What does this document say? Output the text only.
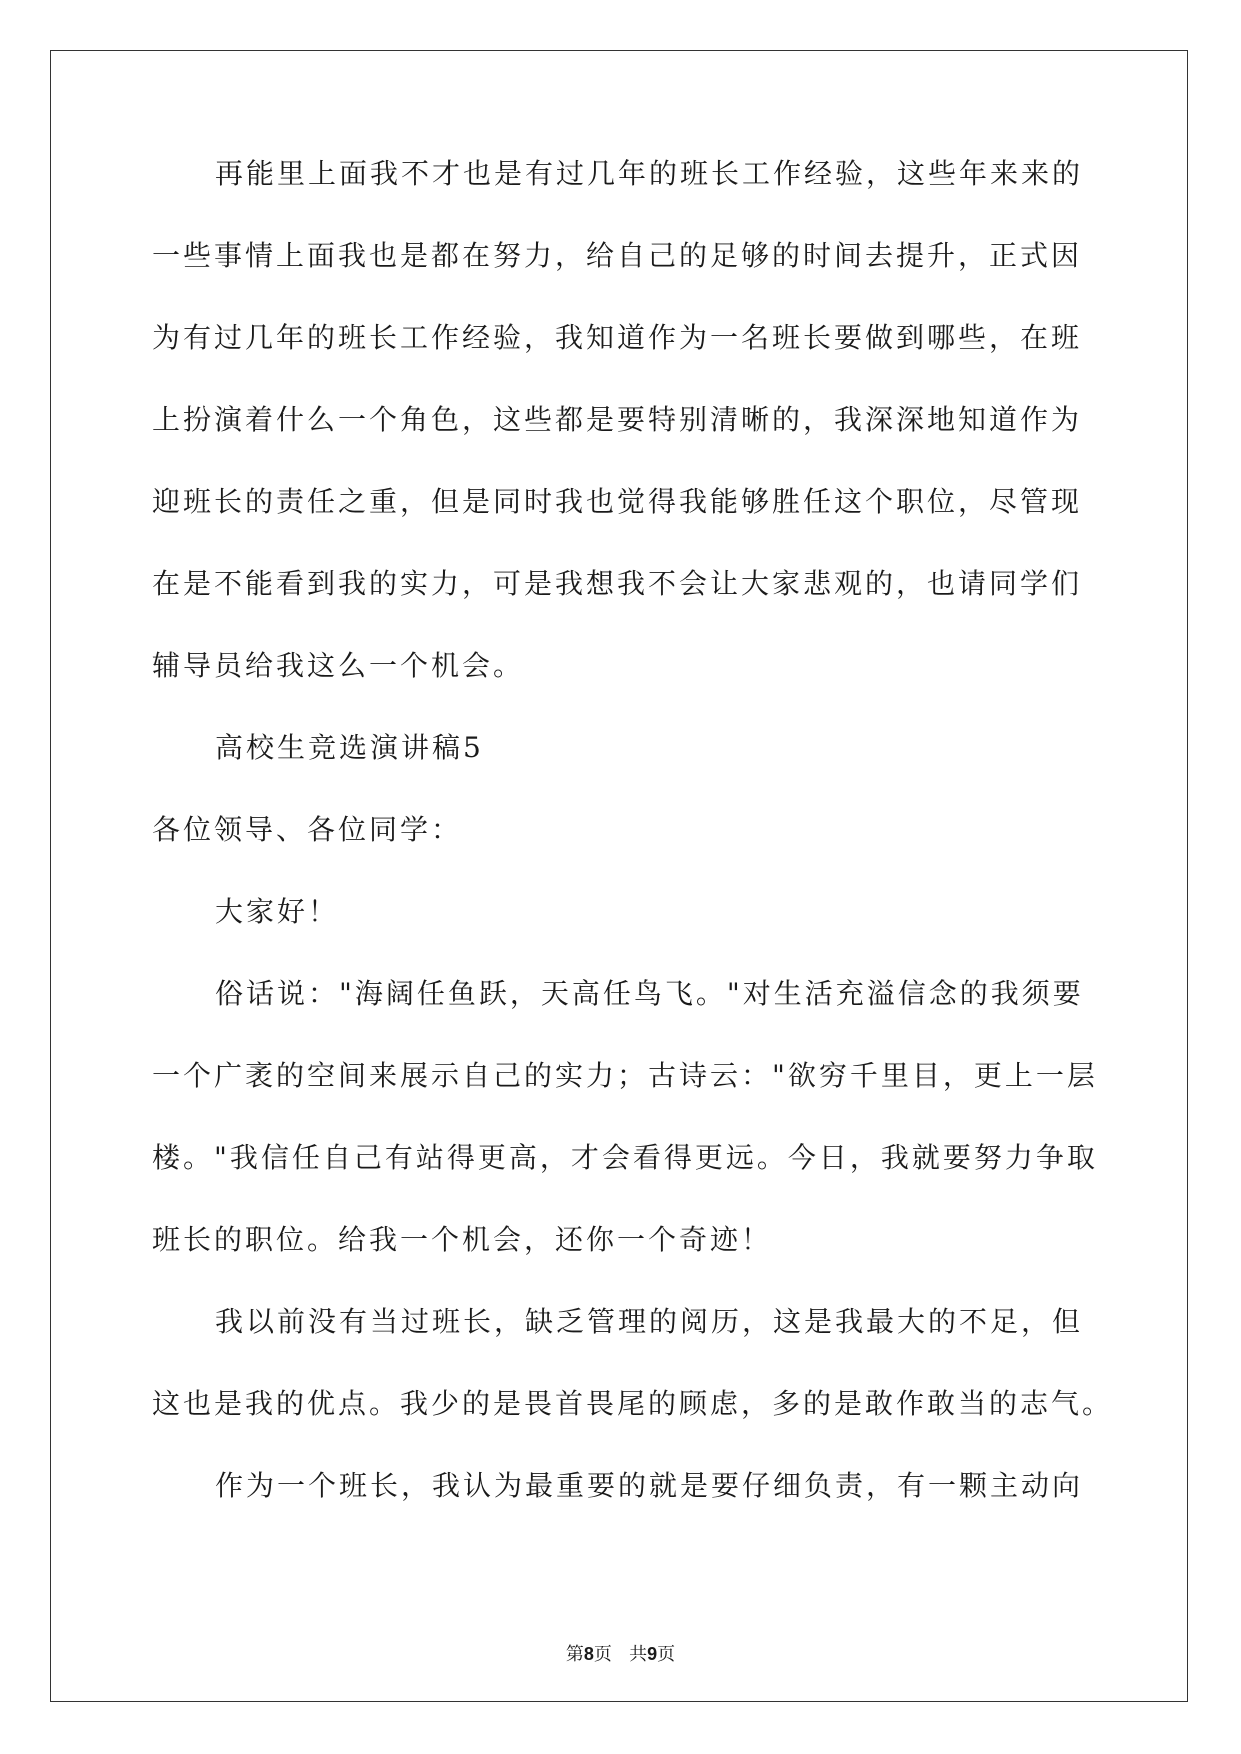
再能里上面我不才也是有过几年的班长工作经验，这些年来来的
一些事情上面我也是都在努力，给自己的足够的时间去提升，正式因
为有过几年的班长工作经验，我知道作为一名班长要做到哪些，在班
上扮演着什么一个角色，这些都是要特别清晰的，我深深地知道作为
迎班长的责任之重，但是同时我也觉得我能够胜任这个职位，尽管现
在是不能看到我的实力，可是我想我不会让大家悲观的，也请同学们
辅导员给我这么一个机会。
高校生竞选演讲稿5
各位领导、各位同学：
大家好！
俗话说："海阔任鱼跃，天高任鸟飞。"对生活充溢信念的我须要
一个广袤的空间来展示自己的实力；古诗云："欲穷千里目，更上一层
楼。"我信任自己有站得更高，才会看得更远。今日，我就要努力争取
班长的职位。给我一个机会，还你一个奇迹！
我以前没有当过班长，缺乏管理的阅历，这是我最大的不足，但
这也是我的优点。我少的是畏首畏尾的顾虑，多的是敢作敢当的志气。
作为一个班长，我认为最重要的就是要仔细负责，有一颗主动向
第8页 共9页
